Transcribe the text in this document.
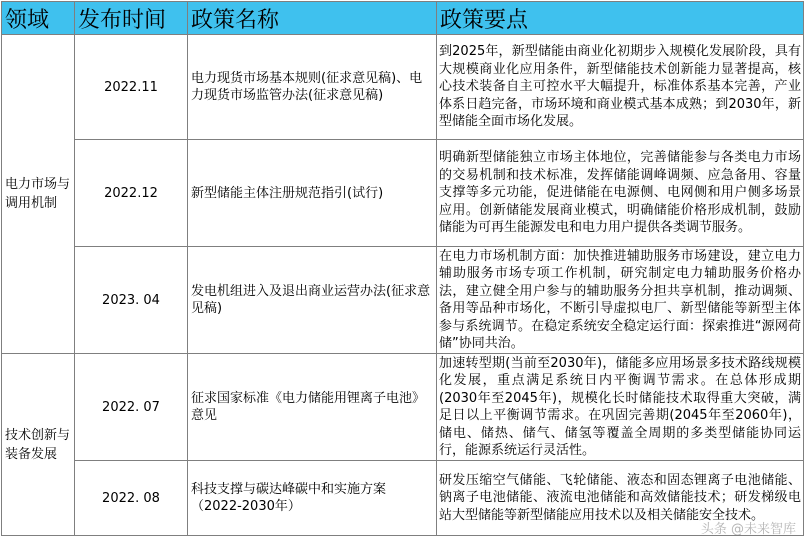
领域	发布时间	政策名称	政策要点
电力市场与调用机制	2022.11	电力现货市场基本规则(征求意见稿)、电力现货市场监管办法(征求意见稿)	到2025年，新型储能由商业化初期步入规模化发展阶段，具有大规模商业化应用条件，新型储能技术创新能力显著提高，核心技术装备自主可控水平大幅提升，标准体系基本完善，产业体系日趋完备，市场环境和商业模式基本成熟；到2030年，新型储能全面市场化发展。
	2022.12	新型储能主体注册规范指引(试行)	明确新型储能独立市场主体地位，完善储能参与各类电力市场的交易机制和技术标准，发挥储能调峰调频、应急备用、容量支撑等多元功能，促进储能在电源侧、电网侧和用户侧多场景应用。创新储能发展商业模式，明确储能价格形成机制，鼓励储能为可再生能源发电和电力用户提供各类调节服务。
	2023. 04	发电机组进入及退出商业运营办法(征求意见稿)	在电力市场机制方面：加快推进辅助服务市场建设，建立电力辅助服务市场专项工作机制，研究制定电力辅助服务价格办法，建立健全用户参与的辅助服务分担共享机制，推动调频、备用等品种市场化，不断引导虚拟电厂、新型储能等新型主体参与系统调节。在稳定系统安全稳定运行面：探索推进“源网荷储”协同共治。
技术创新与装备发展	2022. 07	征求国家标准《电力储能用锂离子电池》意见	加速转型期(当前至2030年)，储能多应用场景多技术路线规模化发展，重点满足系统日内平衡调节需求。在总体形成期(2030年至2045年)，规模化长时储能技术取得重大突破，满足日以上平衡调节需求。在巩固完善期(2045年至2060年)，储电、储热、储气、储氢等覆盖全周期的多类型储能协同运行，能源系统运行灵活性。
	2022. 08	科技支撑与碳达峰碳中和实施方案（2022-2030年）	研发压缩空气储能、飞轮储能、液态和固态锂离子电池储能、钠离子电池储能、液流电池储能和高效储能技术；研发梯级电站大型储能等新型储能应用技术以及相关储能安全技术。
头条 @未来智库
